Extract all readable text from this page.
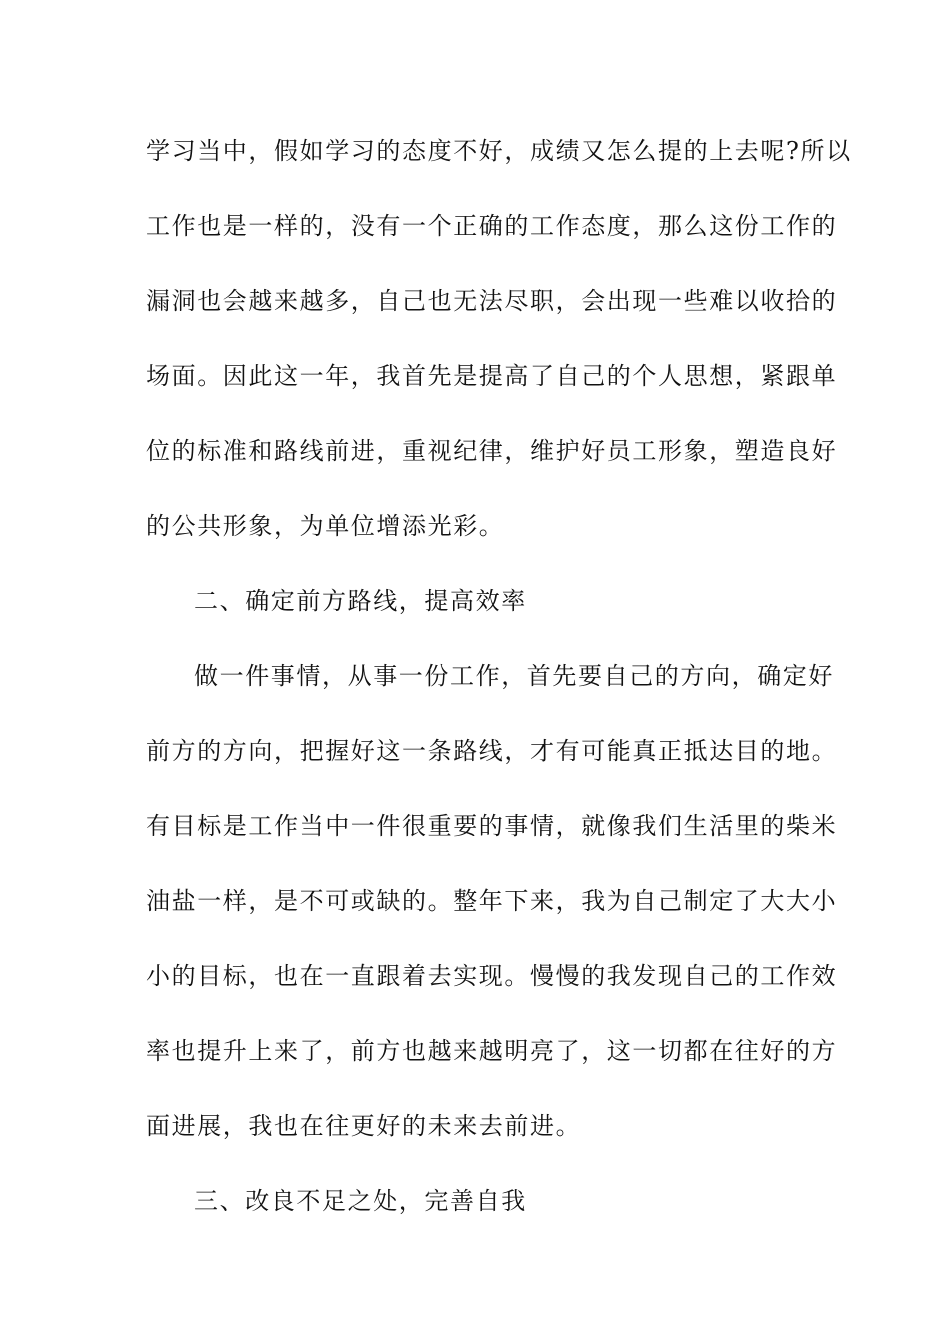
学习当中，假如学习的态度不好，成绩又怎么提的上去呢?所以
工作也是一样的，没有一个正确的工作态度，那么这份工作的
漏洞也会越来越多，自己也无法尽职，会出现一些难以收拾的
场面。因此这一年，我首先是提高了自己的个人思想，紧跟单
位的标准和路线前进，重视纪律，维护好员工形象，塑造良好
的公共形象，为单位增添光彩。
二、确定前方路线，提高效率
做一件事情，从事一份工作，首先要自己的方向，确定好
前方的方向，把握好这一条路线，才有可能真正抵达目的地。
有目标是工作当中一件很重要的事情，就像我们生活里的柴米
油盐一样，是不可或缺的。整年下来，我为自己制定了大大小
小的目标，也在一直跟着去实现。慢慢的我发现自己的工作效
率也提升上来了，前方也越来越明亮了，这一切都在往好的方
面进展，我也在往更好的未来去前进。
三、改良不足之处，完善自我
